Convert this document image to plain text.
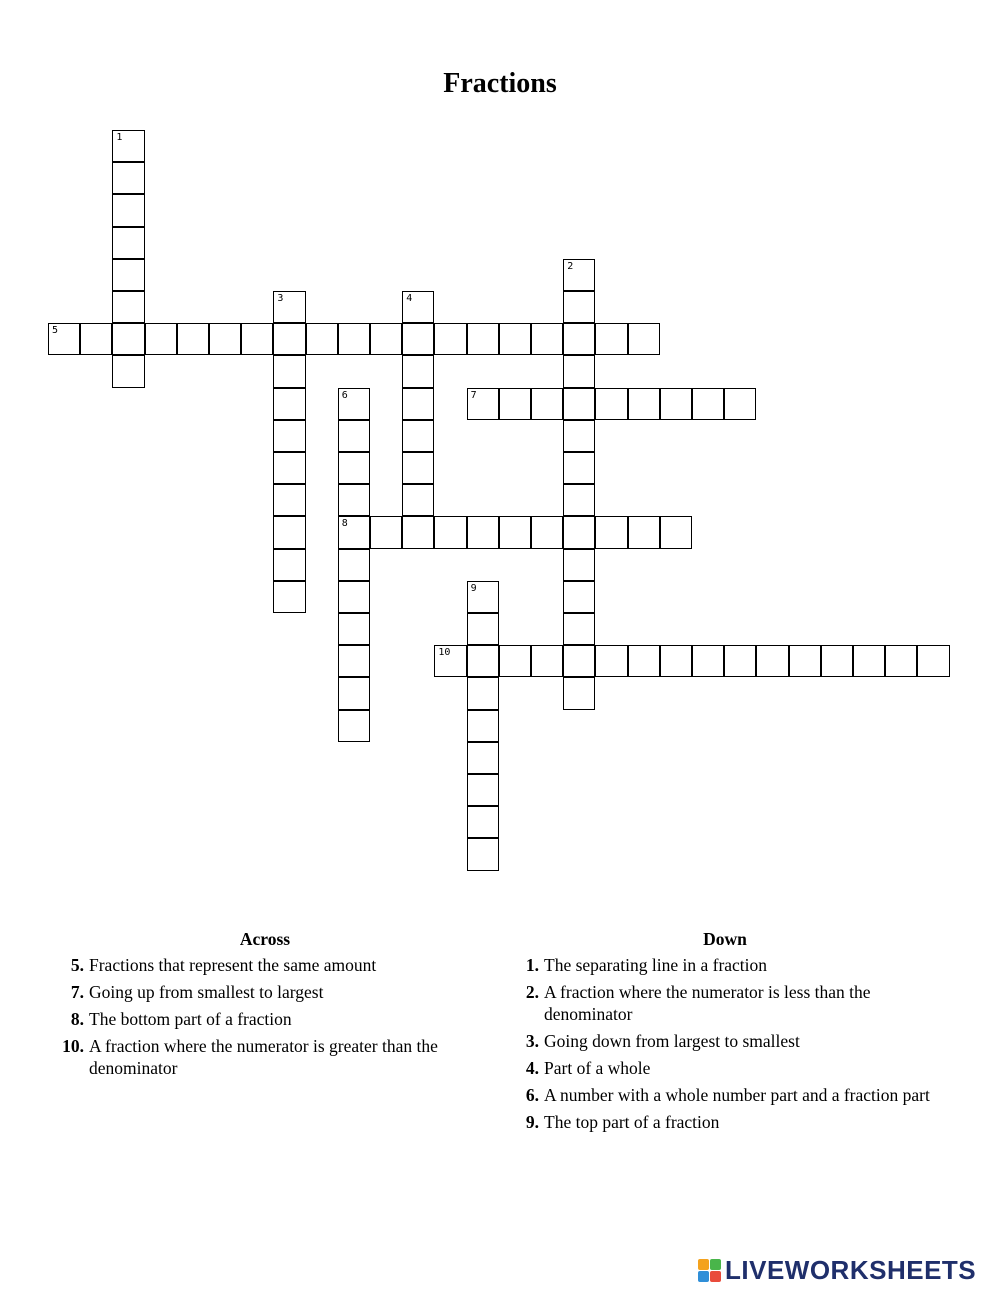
Fractions
1
2
3	4
5
6
8
7
9
10
Across
5. Fractions that represent the same amount
7. Going up from smallest to largest
8. The bottom part of a fraction
10. A fraction where the numerator is greater than the denominator
Down
1. The separating line in a fraction
2. A fraction where the numerator is less than the denominator
3. Going down from largest to smallest
4. Part of a whole
6. A number with a whole number part and a fraction part
9. The top part of a fraction
LIVEWORKSHEETS
